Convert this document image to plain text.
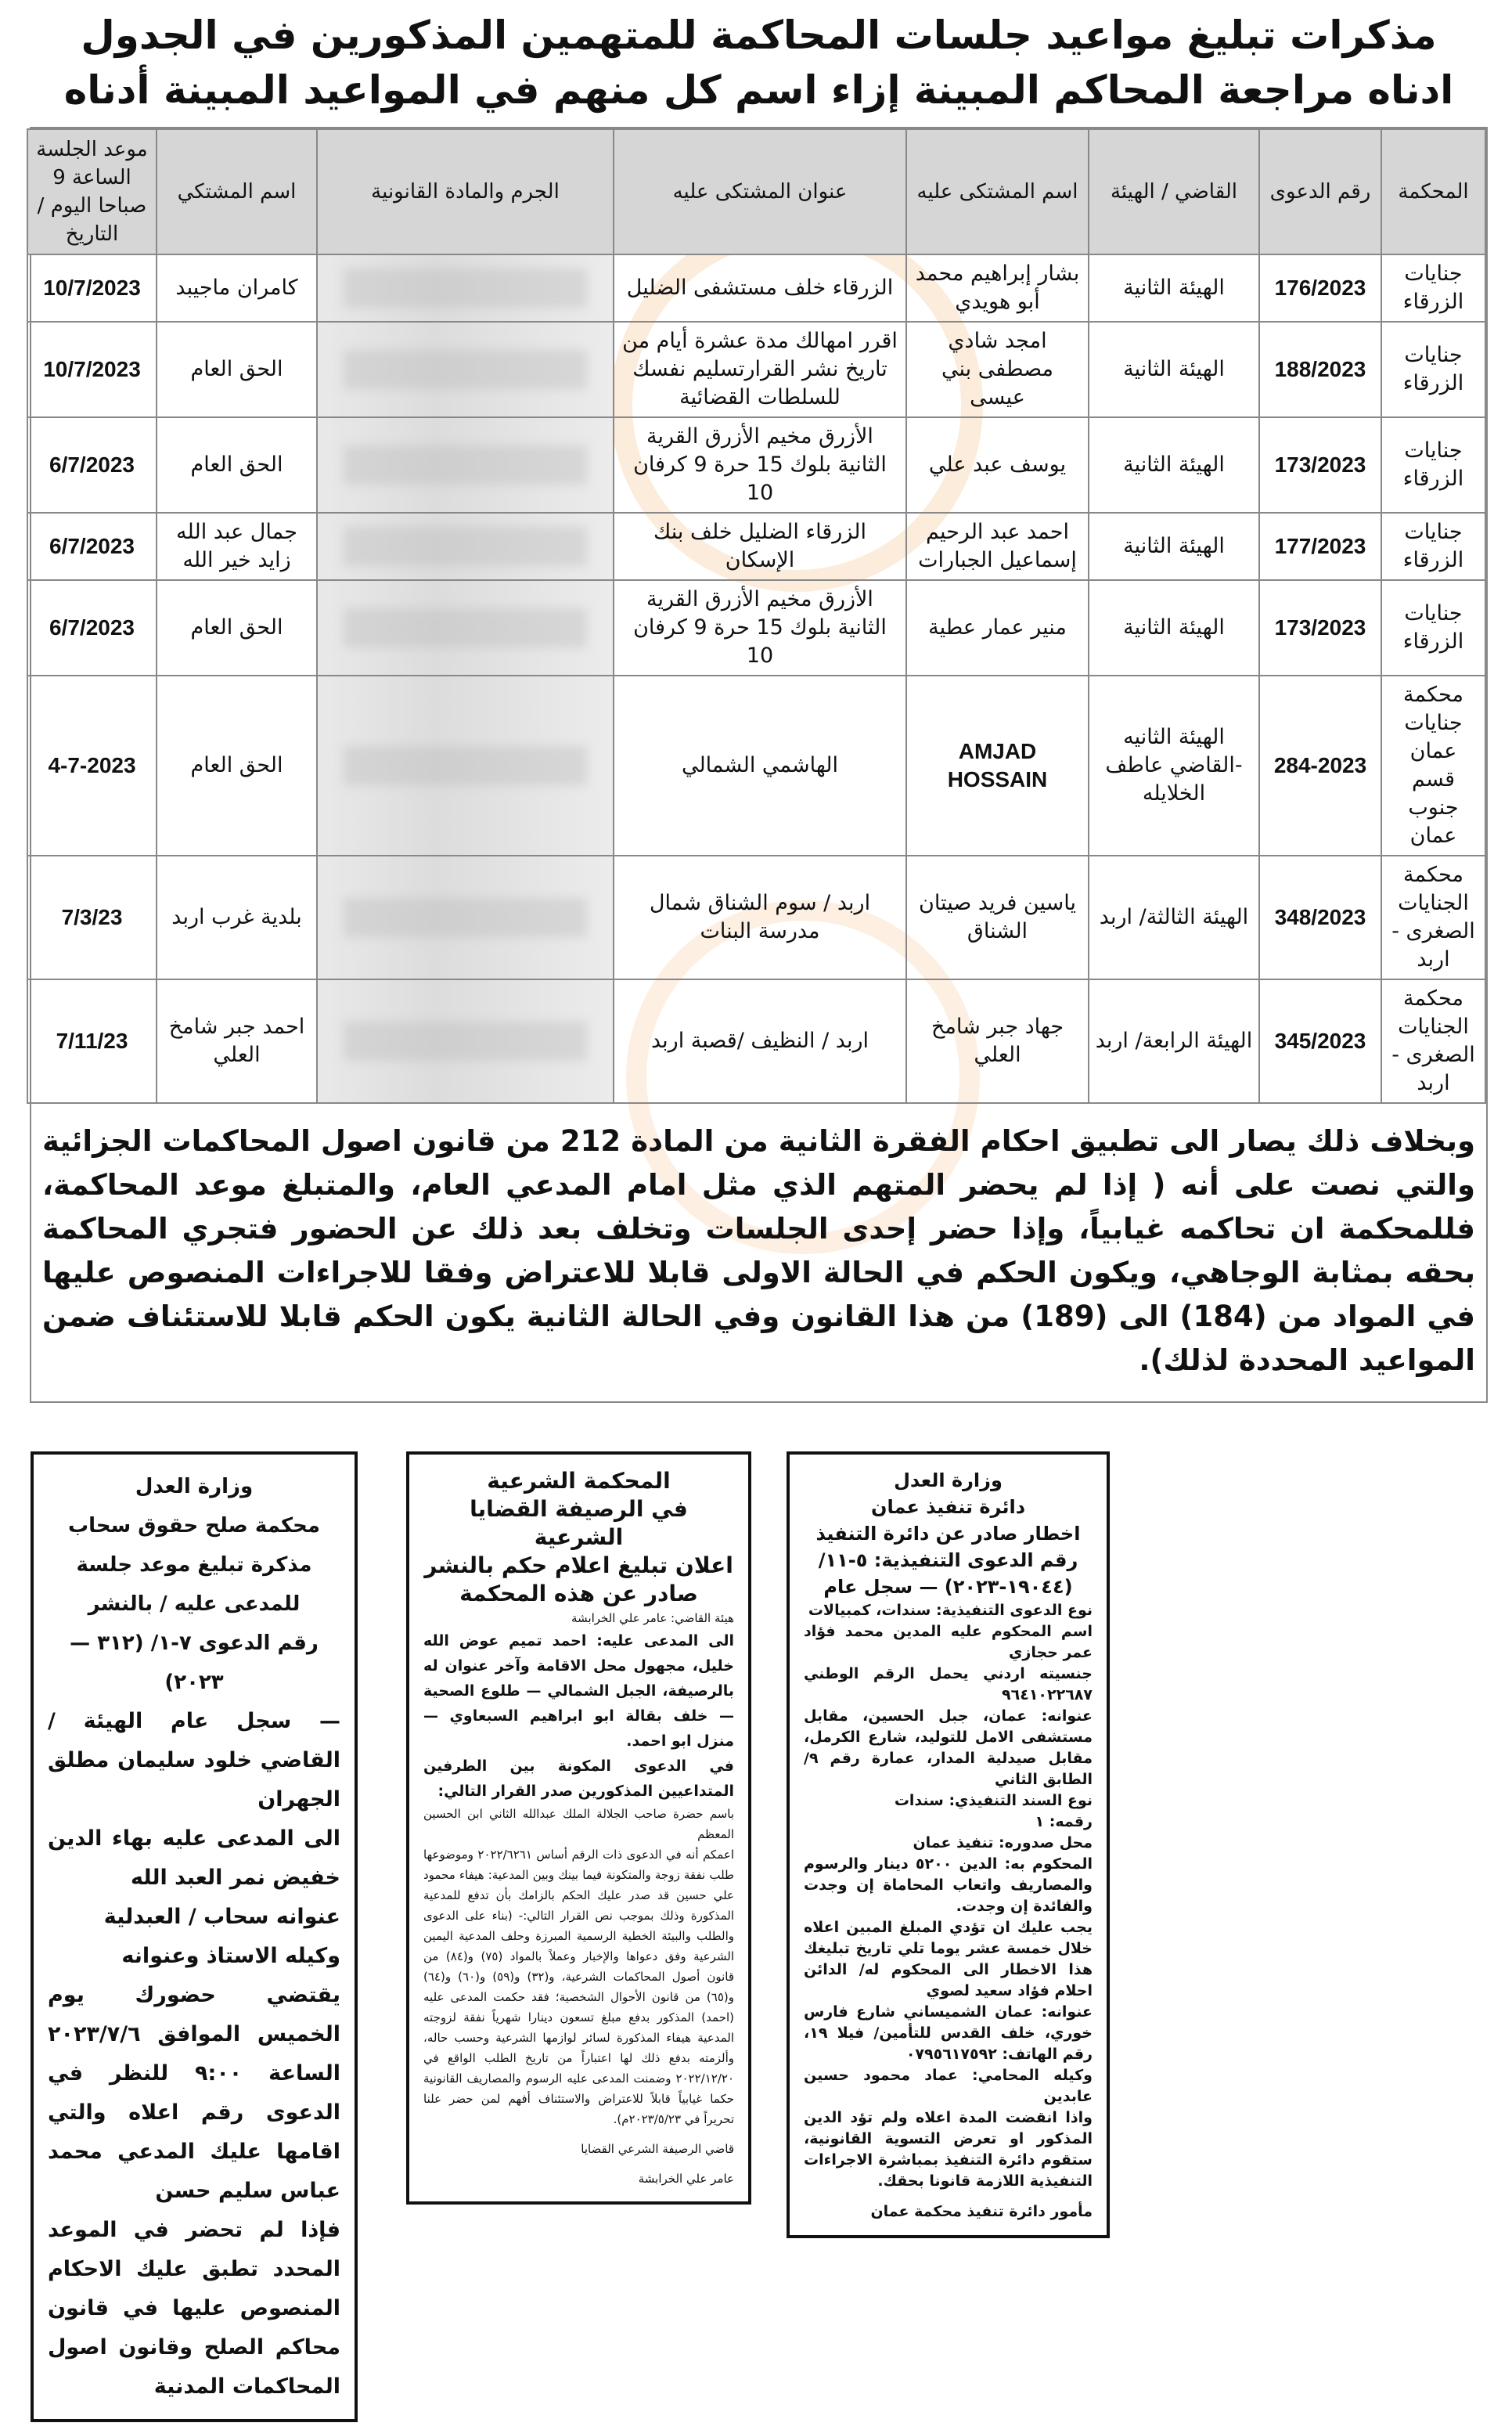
مذكرات تبليغ مواعيد جلسات المحاكمة للمتهمين المذكورين في الجدول ادناه مراجعة المحاكم المبينة إزاء اسم كل منهم في المواعيد المبينة أدناه
المحكمة	رقم الدعوى	القاضي / الهيئة	اسم المشتكى عليه	عنوان المشتكى عليه	الجرم والمادة القانونية	اسم المشتكي	موعد الجلسة الساعة 9 صباحا اليوم / التاريخ
جنايات الزرقاء	176/2023	الهيئة الثانية	بشار إبراهيم محمد أبو هويدي	الزرقاء خلف مستشفى الضليل		كامران ماجيبد	10/7/2023
جنايات الزرقاء	188/2023	الهيئة الثانية	امجد شادي مصطفى بني عيسى	اقرر امهالك مدة عشرة أيام من تاريخ نشر القرارتسليم نفسك للسلطات القضائية		الحق العام	10/7/2023
جنايات الزرقاء	173/2023	الهيئة الثانية	يوسف عبد علي	الأزرق مخيم الأزرق القرية الثانية بلوك 15 حرة 9 كرفان 10		الحق العام	6/7/2023
جنايات الزرقاء	177/2023	الهيئة الثانية	احمد عبد الرحيم إسماعيل الجبارات	الزرقاء الضليل خلف بنك الإسكان		جمال عبد الله زايد خير الله	6/7/2023
جنايات الزرقاء	173/2023	الهيئة الثانية	منير عمار عطية	الأزرق مخيم الأزرق القرية الثانية بلوك 15 حرة 9 كرفان 10		الحق العام	6/7/2023
محكمة جنايات عمان قسم جنوب عمان	284-2023	الهيئة الثانيه -القاضي عاطف الخلايله	AMJAD HOSSAIN	الهاشمي الشمالي		الحق العام	4-7-2023
محكمة الجنايات الصغرى - اربد	348/2023	الهيئة الثالثة/ اربد	ياسين فريد صيتان الشناق	اربد / سوم الشناق شمال مدرسة البنات		بلدية غرب اربد	7/3/23
محكمة الجنايات الصغرى - اربد	345/2023	الهيئة الرابعة/ اربد	جهاد جبر شامخ العلي	اربد / النظيف /قصبة اربد		احمد جبر شامخ العلي	7/11/23

وبخلاف ذلك يصار الى تطبيق احكام الفقرة الثانية من المادة 212 من قانون اصول المحاكمات الجزائية والتي نصت على أنه ( إذا لم يحضر المتهم الذي مثل امام المدعي العام، والمتبلغ موعد المحاكمة، فللمحكمة ان تحاكمه غيابياً، وإذا حضر إحدى الجلسات وتخلف بعد ذلك عن الحضور فتجري المحاكمة بحقه بمثابة الوجاهي، ويكون الحكم في الحالة الاولى قابلا للاعتراض وفقا للاجراءات المنصوص عليها في المواد من (184) الى (189) من هذا القانون وفي الحالة الثانية يكون الحكم قابلا للاستئناف ضمن المواعيد المحددة لذلك).

وزارة العدل
دائرة تنفيذ عمان
اخطار صادر عن دائرة التنفيذ
رقم الدعوى التنفيذية: ٥-١١/ (١٩٠٤٤-٢٠٢٣) — سجل عام
نوع الدعوى التنفيذية: سندات، كمبيالات
اسم المحكوم عليه المدين محمد فؤاد عمر حجازي
جنسيته اردني يحمل الرقم الوطني ٩٦٤١٠٢٢٦٨٧
عنوانه: عمان، جبل الحسين، مقابل مستشفى الامل للتوليد، شارع الكرمل، مقابل صيدلية المدار، عمارة رقم ٩/ الطابق الثاني
نوع السند التنفيذي: سندات
رقمه: ١
محل صدوره: تنفيذ عمان
المحكوم به: الدين ٥٢٠٠ دينار والرسوم والمصاريف واتعاب المحاماة إن وجدت والفائدة إن وجدت.
يجب عليك ان تؤدي المبلغ المبين اعلاه خلال خمسة عشر يوما تلي تاريخ تبليغك هذا الاخطار الى المحكوم له/ الدائن احلام فؤاد سعيد لصوي
عنوانه: عمان الشميساني شارع فارس خوري، خلف القدس للتأمين/ فيلا ١٩، رقم الهاتف: ٠٧٩٥٦١٧٥٩٢
وكيله المحامي: عماد محمود حسين عابدين
واذا انقضت المدة اعلاه ولم تؤد الدين المذكور او تعرض التسوية القانونية، ستقوم دائرة التنفيذ بمباشرة الاجراءات التنفيذية اللازمة قانونا بحقك.
مأمور دائرة تنفيذ محكمة عمان
المحكمة الشرعية
في الرصيفة القضايا الشرعية
اعلان تبليغ اعلام حكم بالنشر
صادر عن هذه المحكمة
هيئة القاضي: عامر علي الخرابشة
الى المدعى عليه: احمد تميم عوض الله خليل، مجهول محل الاقامة وآخر عنوان له بالرصيفة، الجبل الشمالي — طلوع الصحية — خلف بقالة ابو ابراهيم السبعاوي — منزل ابو احمد.
في الدعوى المكونة بين الطرفين المتداعيين المذكورين صدر القرار التالي:
باسم حضرة صاحب الجلالة الملك عبدالله الثاني ابن الحسين المعظم
اعمكم أنه في الدعوى ذات الرقم أساس ٢٠٢٢/٦٢٦١ وموضوعها طلب نفقة زوجة والمتكونة فيما بينك وبين المدعية: هيفاء محمود علي حسين قد صدر عليك الحكم بالزامك بأن تدفع للمدعية المذكورة وذلك بموجب نص القرار التالي:- (بناء على الدعوى والطلب والبيئة الخطية الرسمية المبرزة وحلف المدعية اليمين الشرعية وفق دعواها والإخبار وعملاً بالمواد (٧٥) و(٨٤) من قانون أصول المحاكمات الشرعية، و(٣٢) و(٥٩) و(٦٠) و(٦٤) و(٦٥) من قانون الأحوال الشخصية؛ فقد حكمت المدعى عليه (احمد) المذكور بدفع مبلغ تسعون دينارا شهرياً نفقة لزوجته المدعية هيفاء المذكورة لسائر لوازمها الشرعية وحسب حاله، وألزمته بدفع ذلك لها اعتباراً من تاريخ الطلب الواقع في ٢٠٢٢/١٢/٢٠ وضمنت المدعى عليه الرسوم والمصاريف القانونية حكما غيابياً قابلاً للاعتراض والاستئناف أفهم لمن حضر علنا تحريراً في ٢٠٢٣/٥/٢٣م).
قاضي الرصيفة الشرعي القضايا
عامر علي الخرابشة
وزارة العدل
محكمة صلح حقوق سحاب
مذكرة تبليغ موعد جلسة للمدعى عليه / بالنشر
رقم الدعوى ٧-١/ (٣١٢ — ٢٠٢٣)
— سجل عام الهيئة / القاضي خلود سليمان مطلق الجهران
الى المدعى عليه بهاء الدين خفيض نمر العبد الله
عنوانه سحاب / العبدلية
وكيله الاستاذ وعنوانه
يقتضي حضورك يوم الخميس الموافق ٢٠٢٣/٧/٦ الساعة ٩:٠٠ للنظر في الدعوى رقم اعلاه والتي اقامها عليك المدعي محمد عباس سليم حسن
فإذا لم تحضر في الموعد المحدد تطبق عليك الاحكام المنصوص عليها في قانون محاكم الصلح وقانون اصول المحاكمات المدنية
